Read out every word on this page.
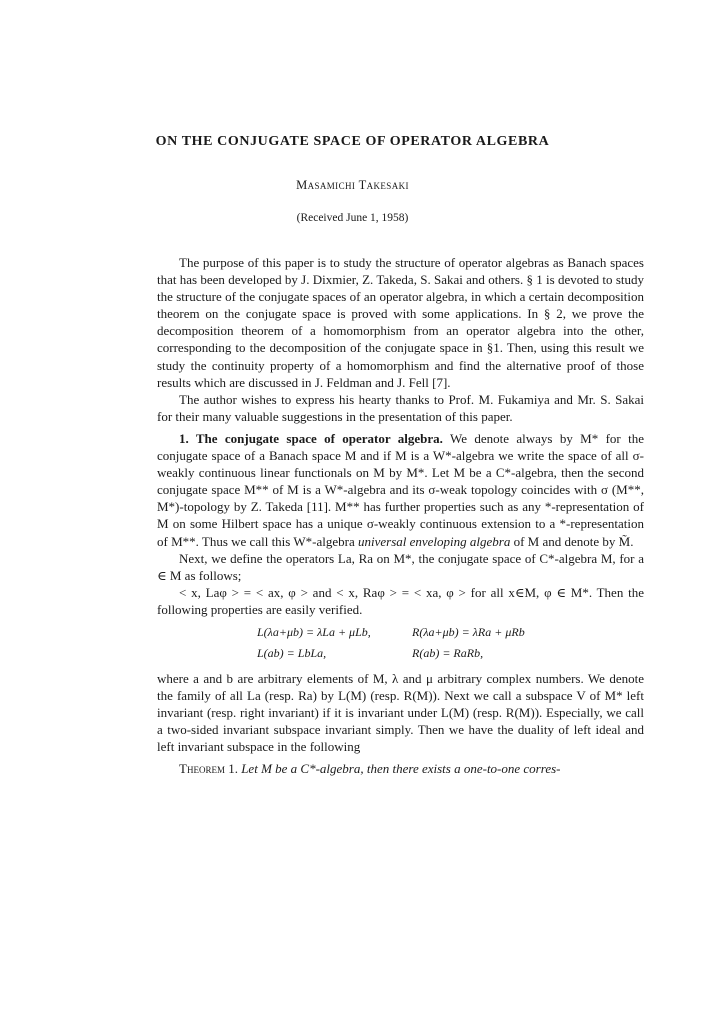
ON THE CONJUGATE SPACE OF OPERATOR ALGEBRA
Masamichi Takesaki
(Received June 1, 1958)

The purpose of this paper is to study the structure of operator algebras as Banach spaces that has been developed by J. Dixmier, Z. Takeda, S. Sakai and others. § 1 is devoted to study the structure of the conjugate spaces of an operator algebra, in which a certain decomposition theorem on the conjugate space is proved with some applications. In § 2, we prove the decomposition theorem of a homomorphism from an operator algebra into the other, corresponding to the decomposition of the conjugate space in §1. Then, using this result we study the continuity property of a homomorphism and find the alternative proof of those results which are discussed in J. Feldman and J. Fell [7].

The author wishes to express his hearty thanks to Prof. M. Fukamiya and Mr. S. Sakai for their many valuable suggestions in the presentation of this paper.

1. The conjugate space of operator algebra. We denote always by M* for the conjugate space of a Banach space M and if M is a W*-algebra we write the space of all σ-weakly continuous linear functionals on M by M*. Let M be a C*-algebra, then the second conjugate space M** of M is a W*-algebra and its σ-weak topology coincides with σ (M**, M*)-topology by Z. Takeda [11]. M** has further properties such as any *-representation of M on some Hilbert space has a unique σ-weakly continuous extension to a *-representation of M**. Thus we call this W*-algebra universal enveloping algebra of M and denote by M̃.

Next, we define the operators La, Ra on M*, the conjugate space of C*-algebra M, for a ∈ M as follows;

< x, Laφ > = < ax, φ > and < x, Raφ > = < xa, φ > for all x∈M, φ ∈ M*. Then the following properties are easily verified.

L(λa+μb) = λLa + μLb,	R(λa+μb) = λRa + μRb
L(ab) = LbLa,	R(ab) = RaRb,

where a and b are arbitrary elements of M, λ and μ arbitrary complex numbers. We denote the family of all La (resp. Ra) by L(M) (resp. R(M)). Next we call a subspace V of M* left invariant (resp. right invariant) if it is invariant under L(M) (resp. R(M)). Especially, we call a two-sided invariant subspace invariant simply. Then we have the duality of left ideal and left invariant subspace in the following

Theorem 1. Let M be a C*-algebra, then there exists a one-to-one corres-
